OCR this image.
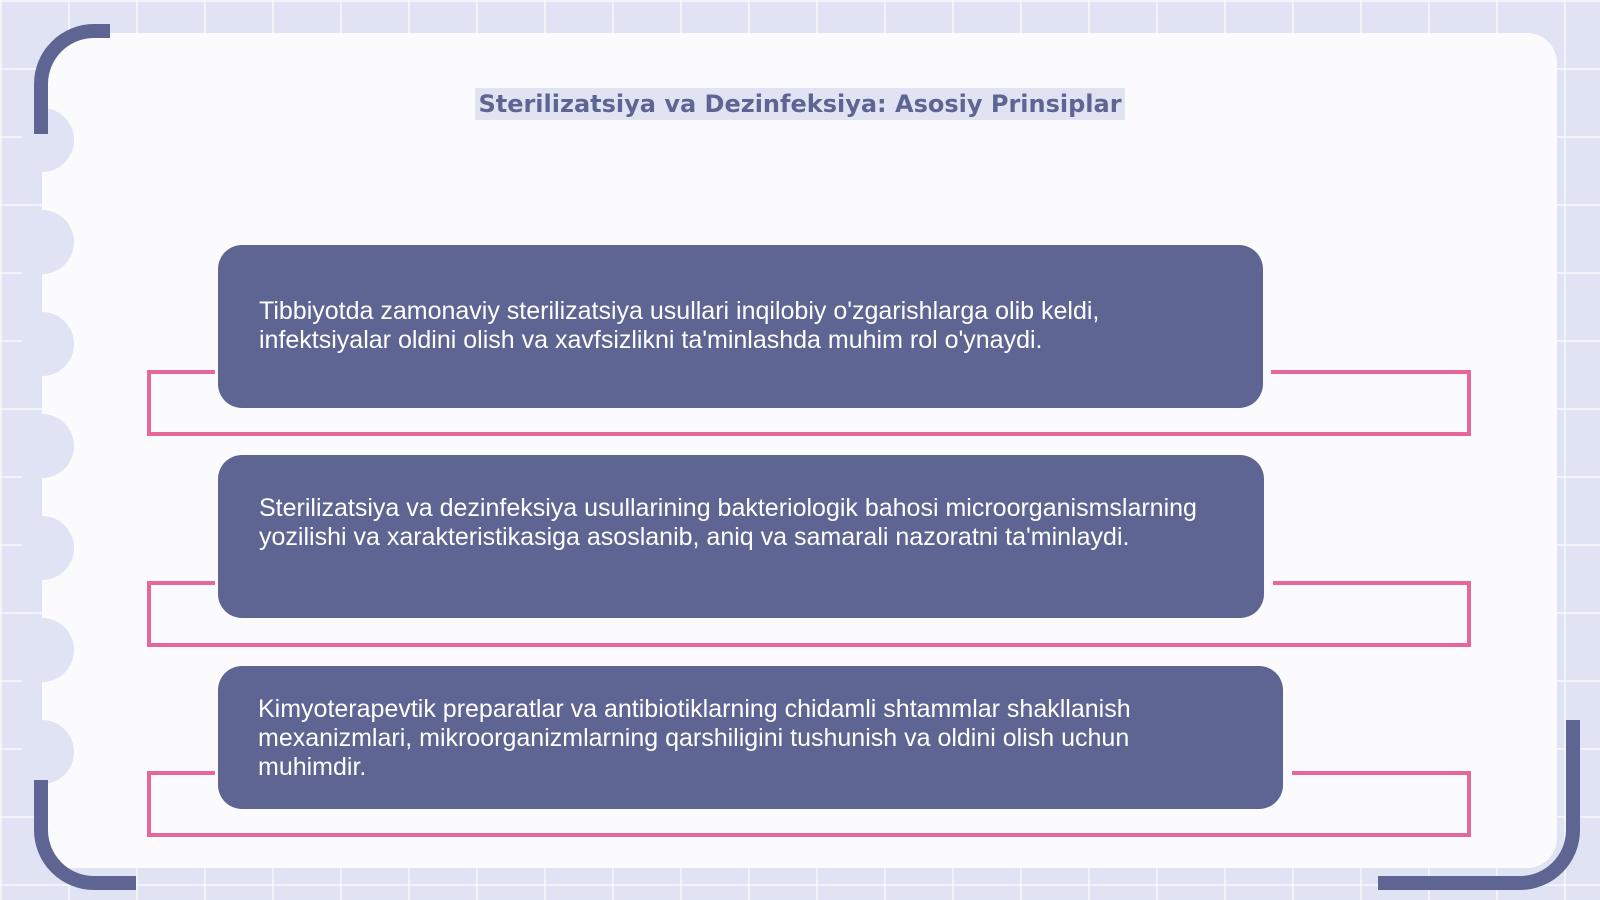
Sterilizatsiya va Dezinfeksiya: Asosiy Prinsiplar

Tibbiyotda zamonaviy sterilizatsiya usullari inqilobiy o'zgarishlarga olib keldi, infektsiyalar oldini olish va xavfsizlikni ta'minlashda muhim rol o'ynaydi.

Sterilizatsiya va dezinfeksiya usullarining bakteriologik bahosi microorganismslarning yozilishi va xarakteristikasiga asoslanib, aniq va samarali nazoratni ta'minlaydi.

Kimyoterapevtik preparatlar va antibiotiklarning chidamli shtammlar shakllanish mexanizmlari, mikroorganizmlarning qarshiligini tushunish va oldini olish uchun muhimdir.
